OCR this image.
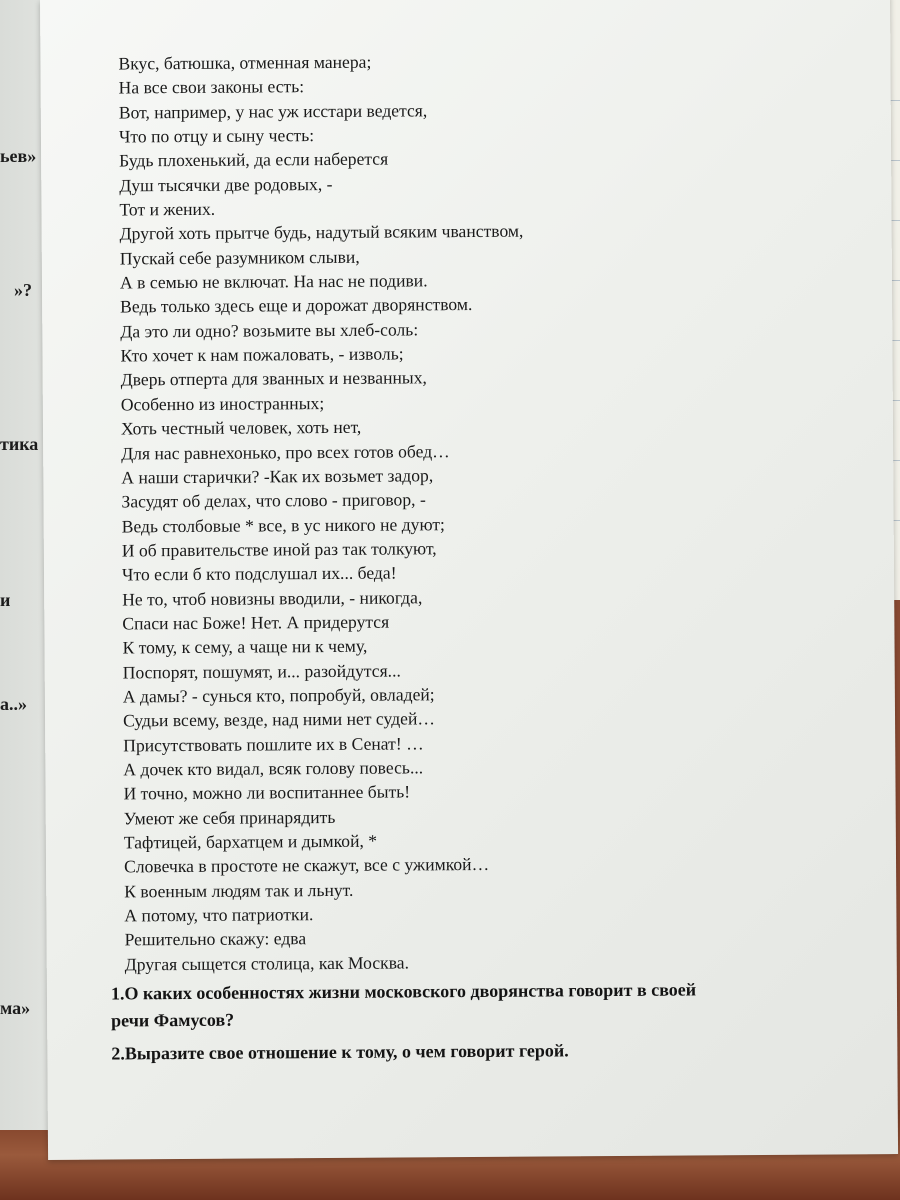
ьев»
»?
тика
и
а..»
ма»
Вкус, батюшка, отменная манера;
На все свои законы есть:
Вот, например, у нас уж исстари ведется,
Что по отцу и сыну честь:
Будь плохенький, да если наберется
Душ тысячки две родовых, -
Тот и жених.
Другой хоть прытче будь, надутый всяким чванством,
Пускай себе разумником слыви,
А в семью не включат. На нас не подиви.
Ведь только здесь еще и дорожат дворянством.
Да это ли одно? возьмите вы хлеб-соль:
Кто хочет к нам пожаловать, - изволь;
Дверь отперта для званных и незванных,
Особенно из иностранных;
Хоть честный человек, хоть нет,
Для нас равнехонько, про всех готов обед…
А наши старички? -Как их возьмет задор,
Засудят об делах, что слово - приговор, -
Ведь столбовые * все, в ус никого не дуют;
И об правительстве иной раз так толкуют,
Что если б кто подслушал их... беда!
Не то, чтоб новизны вводили, - никогда,
Спаси нас Боже! Нет. А придерутся
К тому, к сему, а чаще ни к чему,
Поспорят, пошумят, и... разойдутся...
А дамы? - сунься кто, попробуй, овладей;
Судьи всему, везде, над ними нет судей…
Присутствовать пошлите их в Сенат! …
А дочек кто видал, всяк голову повесь...
И точно, можно ли воспитаннее быть!
Умеют же себя принарядить
Тафтицей, бархатцем и дымкой, *
Словечка в простоте не скажут, все с ужимкой…
К военным людям так и льнут.
А потому, что патриотки.
Решительно скажу: едва
Другая сыщется столица, как Москва.
1.О каких особенностях жизни московского дворянства говорит в своей
речи Фамусов?
2.Выразите свое отношение к тому, о чем говорит герой.
